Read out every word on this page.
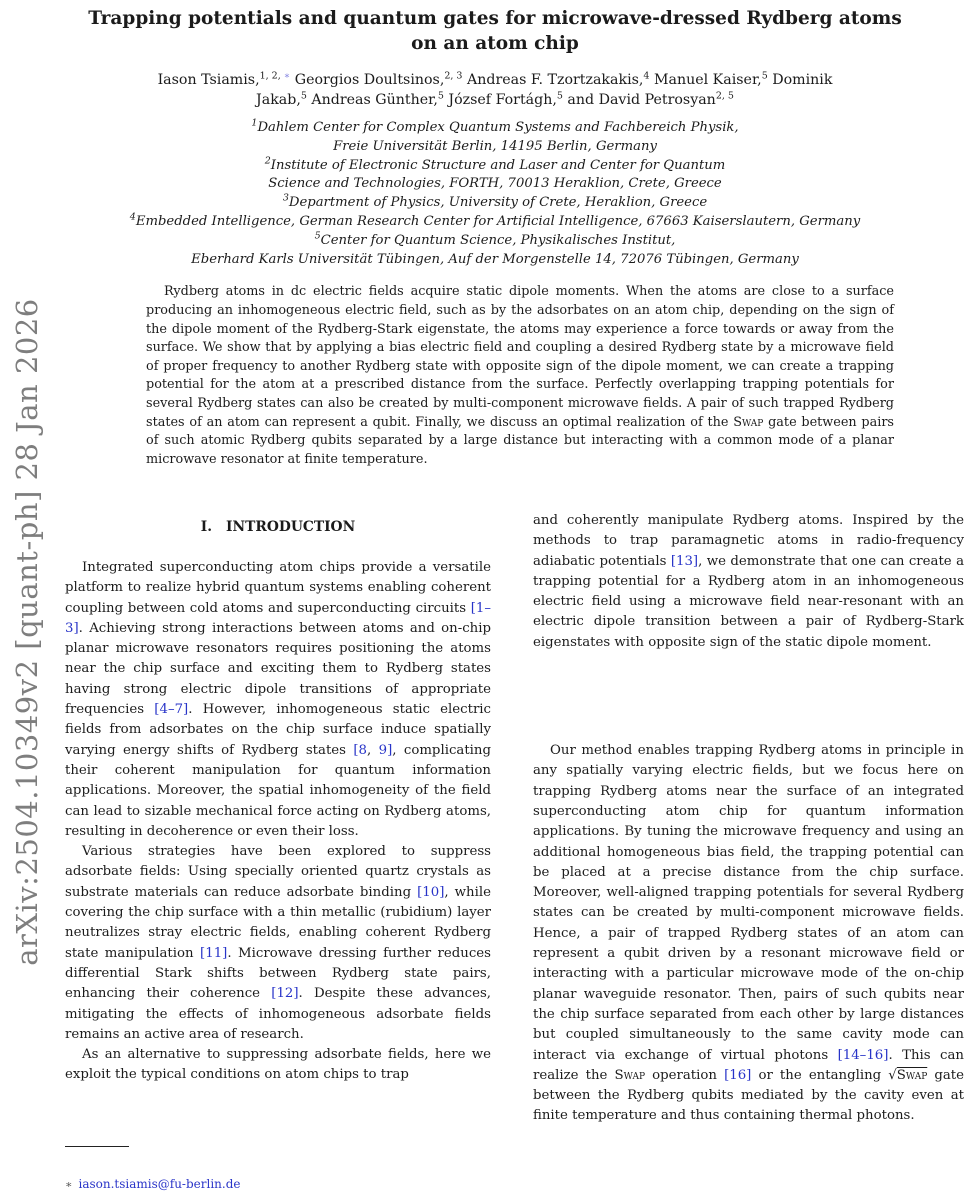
arXiv:2504.10349v2 [quant-ph] 28 Jan 2026
Trapping potentials and quantum gates for microwave-dressed Rydberg atoms
on an atom chip
Iason Tsiamis,$^{1, 2,}$ ∗ Georgios Doultsinos,$^{2, 3}$ Andreas F. Tzortzakakis,$^4$ Manuel Kaiser,$^5$ Dominik Jakab,$^5$ Andreas Günther,$^5$ József Fortágh,$^5$ and David Petrosyan$^{2, 5}$
$^1$Dahlem Center for Complex Quantum Systems and Fachbereich Physik,
Freie Universität Berlin, 14195 Berlin, Germany
$^2$Institute of Electronic Structure and Laser and Center for Quantum
Science and Technologies, FORTH, 70013 Heraklion, Crete, Greece
$^3$Department of Physics, University of Crete, Heraklion, Greece
$^4$Embedded Intelligence, German Research Center for Artificial Intelligence, 67663 Kaiserslautern, Germany
$^5$Center for Quantum Science, Physikalisches Institut,
Eberhard Karls Universität Tübingen, Auf der Morgenstelle 14, 72076 Tübingen, Germany
Rydberg atoms in dc electric fields acquire static dipole moments. When the atoms are close to a surface producing an inhomogeneous electric field, such as by the adsorbates on an atom chip, depending on the sign of the dipole moment of the Rydberg-Stark eigenstate, the atoms may experience a force towards or away from the surface. We show that by applying a bias electric field and coupling a desired Rydberg state by a microwave field of proper frequency to another Rydberg state with opposite sign of the dipole moment, we can create a trapping potential for the atom at a prescribed distance from the surface. Perfectly overlapping trapping potentials for several Rydberg states can also be created by multi-component microwave fields. A pair of such trapped Rydberg states of an atom can represent a qubit. Finally, we discuss an optimal realization of the Swap gate between pairs of such atomic Rydberg qubits separated by a large distance but interacting with a common mode of a planar microwave resonator at finite temperature.
I. INTRODUCTION

Integrated superconducting atom chips provide a versatile platform to realize hybrid quantum systems enabling coherent coupling between cold atoms and superconducting circuits [1–3]. Achieving strong interactions between atoms and on-chip planar microwave resonators requires positioning the atoms near the chip surface and exciting them to Rydberg states having strong electric dipole transitions of appropriate frequencies [4–7]. However, inhomogeneous static electric fields from adsorbates on the chip surface induce spatially varying energy shifts of Rydberg states [8, 9], complicating their coherent manipulation for quantum information applications. Moreover, the spatial inhomogeneity of the field can lead to sizable mechanical force acting on Rydberg atoms, resulting in decoherence or even their loss.

Various strategies have been explored to suppress adsorbate fields: Using specially oriented quartz crystals as substrate materials can reduce adsorbate binding [10], while covering the chip surface with a thin metallic (rubidium) layer neutralizes stray electric fields, enabling coherent Rydberg state manipulation [11]. Microwave dressing further reduces differential Stark shifts between Rydberg state pairs, enhancing their coherence [12]. Despite these advances, mitigating the effects of inhomogeneous adsorbate fields remains an active area of research.

As an alternative to suppressing adsorbate fields, here we exploit the typical conditions on atom chips to trap

and coherently manipulate Rydberg atoms. Inspired by the methods to trap paramagnetic atoms in radio-frequency adiabatic potentials [13], we demonstrate that one can create a trapping potential for a Rydberg atom in an inhomogeneous electric field using a microwave field near-resonant with an electric dipole transition between a pair of Rydberg-Stark eigenstates with opposite sign of the static dipole moment.

Our method enables trapping Rydberg atoms in principle in any spatially varying electric fields, but we focus here on trapping Rydberg atoms near the surface of an integrated superconducting atom chip for quantum information applications. By tuning the microwave frequency and using an additional homogeneous bias field, the trapping potential can be placed at a precise distance from the chip surface. Moreover, well-aligned trapping potentials for several Rydberg states can be created by multi-component microwave fields. Hence, a pair of trapped Rydberg states of an atom can represent a qubit driven by a resonant microwave field or interacting with a particular microwave mode of the on-chip planar waveguide resonator. Then, pairs of such qubits near the chip surface separated from each other by large distances but coupled simultaneously to the same cavity mode can interact via exchange of virtual photons [14–16]. This can realize the Swap operation [16] or the entangling √Swap gate between the Rydberg qubits mediated by the cavity even at finite temperature and thus containing thermal photons.

∗ iason.tsiamis@fu-berlin.de
